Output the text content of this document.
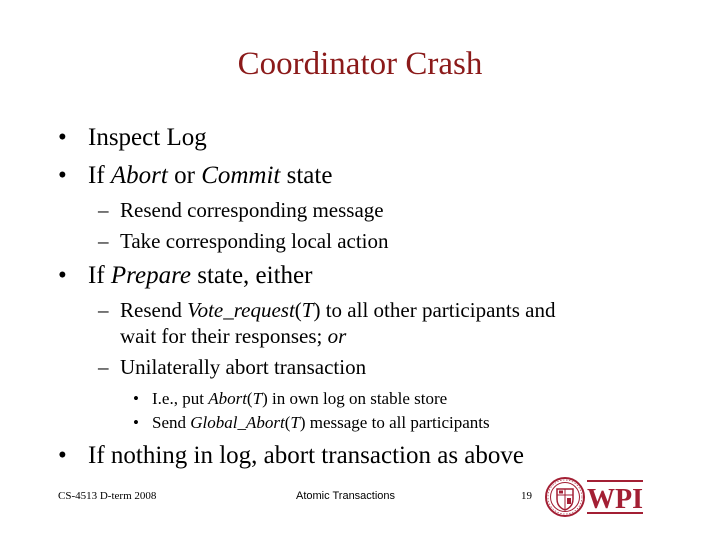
Coordinator Crash
• Inspect Log
• If Abort or Commit state
– Resend corresponding message
– Take corresponding local action
• If Prepare state, either
– Resend Vote_request(T) to all other participants and
wait for their responses; or
– Unilaterally abort transaction
• I.e., put Abort(T) in own log on stable store
• Send Global_Abort(T) message to all participants
• If nothing in log, abort transaction as above
CS-4513 D-term 2008	Atomic Transactions	19 WPI
